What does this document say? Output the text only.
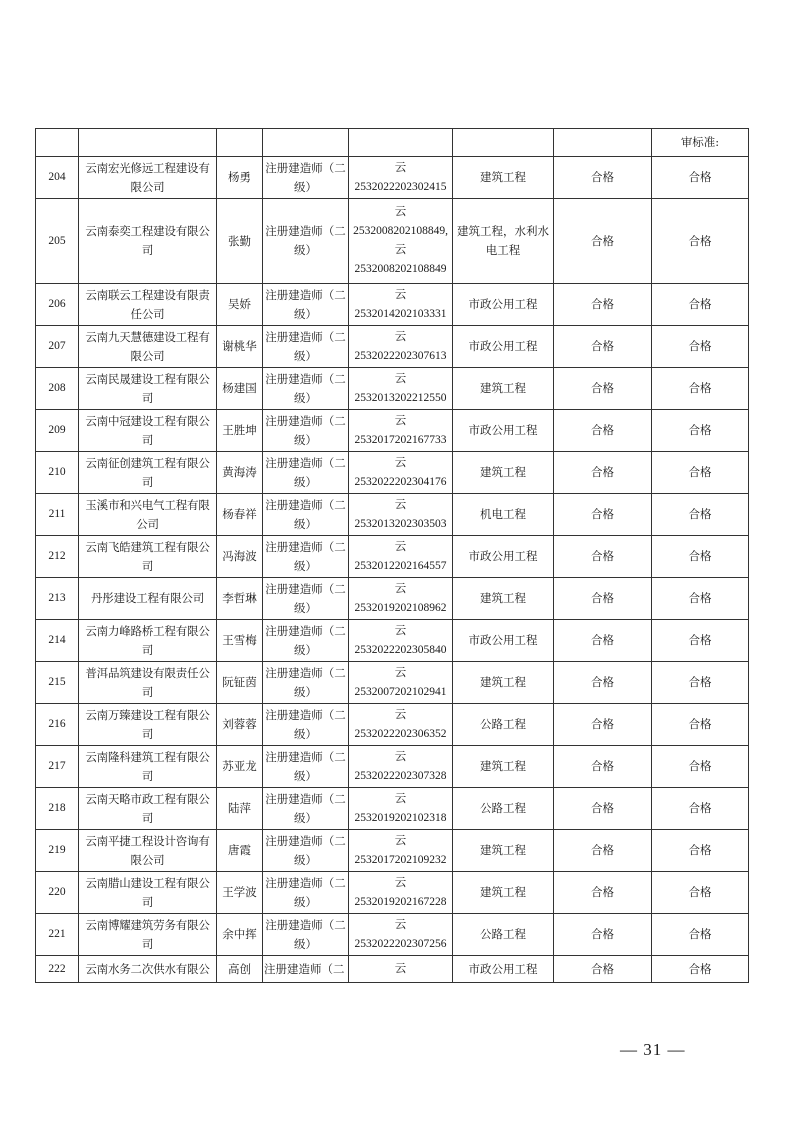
							审标准:
204	云南宏光修远工程建设有限公司	杨勇	注册建造师（二级）	云
2532022202302415	建筑工程	合格	合格
205	云南泰奕工程建设有限公司	张勤	注册建造师（二级）	云
2532008202108849,
云
2532008202108849	建筑工程，水利水电工程	合格	合格
206	云南联云工程建设有限责任公司	吴娇	注册建造师（二级）	云
2532014202103331	市政公用工程	合格	合格
207	云南九天慧德建设工程有限公司	谢桃华	注册建造师（二级）	云
2532022202307613	市政公用工程	合格	合格
208	云南民晟建设工程有限公司	杨建国	注册建造师（二级）	云
2532013202212550	建筑工程	合格	合格
209	云南中冠建设工程有限公司	王胜坤	注册建造师（二级）	云
2532017202167733	市政公用工程	合格	合格
210	云南征创建筑工程有限公司	黄海涛	注册建造师（二级）	云
2532022202304176	建筑工程	合格	合格
211	玉溪市和兴电气工程有限公司	杨春祥	注册建造师（二级）	云
2532013202303503	机电工程	合格	合格
212	云南飞皓建筑工程有限公司	冯海波	注册建造师（二级）	云
2532012202164557	市政公用工程	合格	合格
213	丹彤建设工程有限公司	李哲琳	注册建造师（二级）	云
2532019202108962	建筑工程	合格	合格
214	云南力峰路桥工程有限公司	王雪梅	注册建造师（二级）	云
2532022202305840	市政公用工程	合格	合格
215	普洱品筑建设有限责任公司	阮钲茵	注册建造师（二级）	云
2532007202102941	建筑工程	合格	合格
216	云南万臻建设工程有限公司	刘蓉蓉	注册建造师（二级）	云
2532022202306352	公路工程	合格	合格
217	云南隆科建筑工程有限公司	苏亚龙	注册建造师（二级）	云
2532022202307328	建筑工程	合格	合格
218	云南天略市政工程有限公司	陆萍	注册建造师（二级）	云
2532019202102318	公路工程	合格	合格
219	云南平捷工程设计咨询有限公司	唐霞	注册建造师（二级）	云
2532017202109232	建筑工程	合格	合格
220	云南腊山建设工程有限公司	王学波	注册建造师（二级）	云
2532019202167228	建筑工程	合格	合格
221	云南博耀建筑劳务有限公司	余中挥	注册建造师（二级）	云
2532022202307256	公路工程	合格	合格
222	云南水务二次供水有限公	高创	注册建造师（二	云	市政公用工程	合格	合格
— 31 —
